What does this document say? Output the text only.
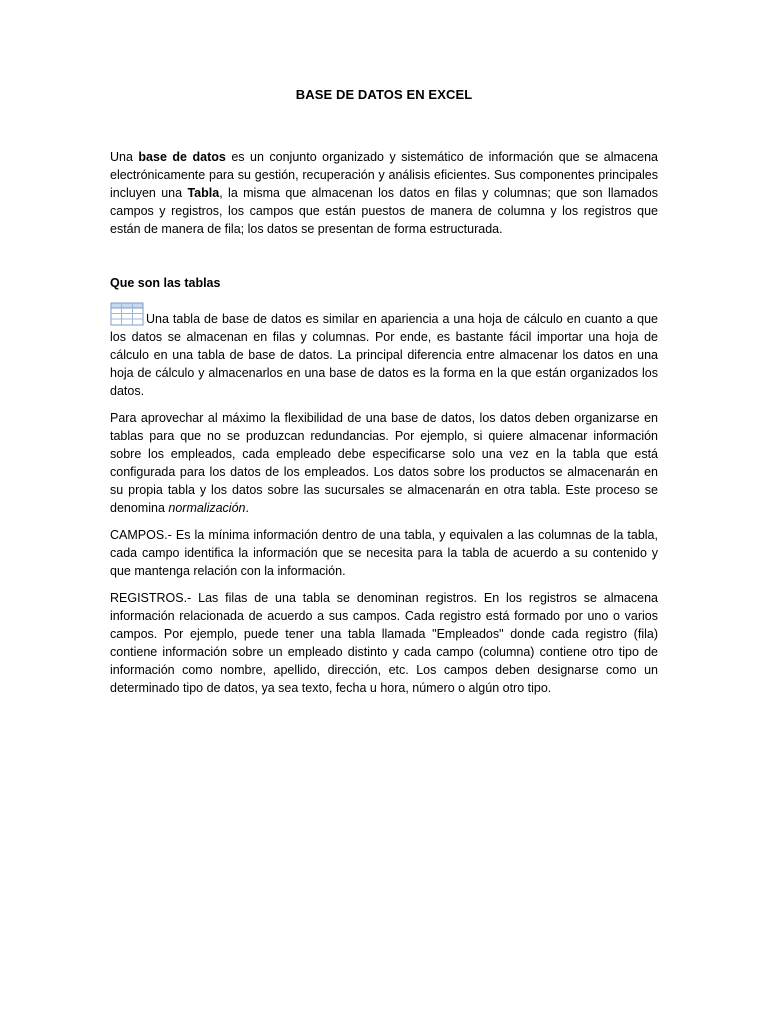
BASE DE DATOS EN EXCEL

Una base de datos es un conjunto organizado y sistemático de información que se almacena electrónicamente para su gestión, recuperación y análisis eficientes. Sus componentes principales incluyen una Tabla, la misma que almacenan los datos en filas y columnas; que son llamados campos y registros, los campos que están puestos de manera de columna y los registros que están de manera de fila; los datos se presentan de forma estructurada.

Que son las tablas

Una tabla de base de datos es similar en apariencia a una hoja de cálculo en cuanto a que los datos se almacenan en filas y columnas. Por ende, es bastante fácil importar una hoja de cálculo en una tabla de base de datos. La principal diferencia entre almacenar los datos en una hoja de cálculo y almacenarlos en una base de datos es la forma en la que están organizados los datos.

Para aprovechar al máximo la flexibilidad de una base de datos, los datos deben organizarse en tablas para que no se produzcan redundancias. Por ejemplo, si quiere almacenar información sobre los empleados, cada empleado debe especificarse solo una vez en la tabla que está configurada para los datos de los empleados. Los datos sobre los productos se almacenarán en su propia tabla y los datos sobre las sucursales se almacenarán en otra tabla. Este proceso se denomina normalización.

CAMPOS.- Es la mínima información dentro de una tabla, y equivalen a las columnas de la tabla, cada campo identifica la información que se necesita para la tabla de acuerdo a su contenido y que mantenga relación con la información.

REGISTROS.- Las filas de una tabla se denominan registros. En los registros se almacena información relacionada de acuerdo a sus campos. Cada registro está formado por uno o varios campos. Por ejemplo, puede tener una tabla llamada "Empleados" donde cada registro (fila) contiene información sobre un empleado distinto y cada campo (columna) contiene otro tipo de información como nombre, apellido, dirección, etc. Los campos deben designarse como un determinado tipo de datos, ya sea texto, fecha u hora, número o algún otro tipo.
